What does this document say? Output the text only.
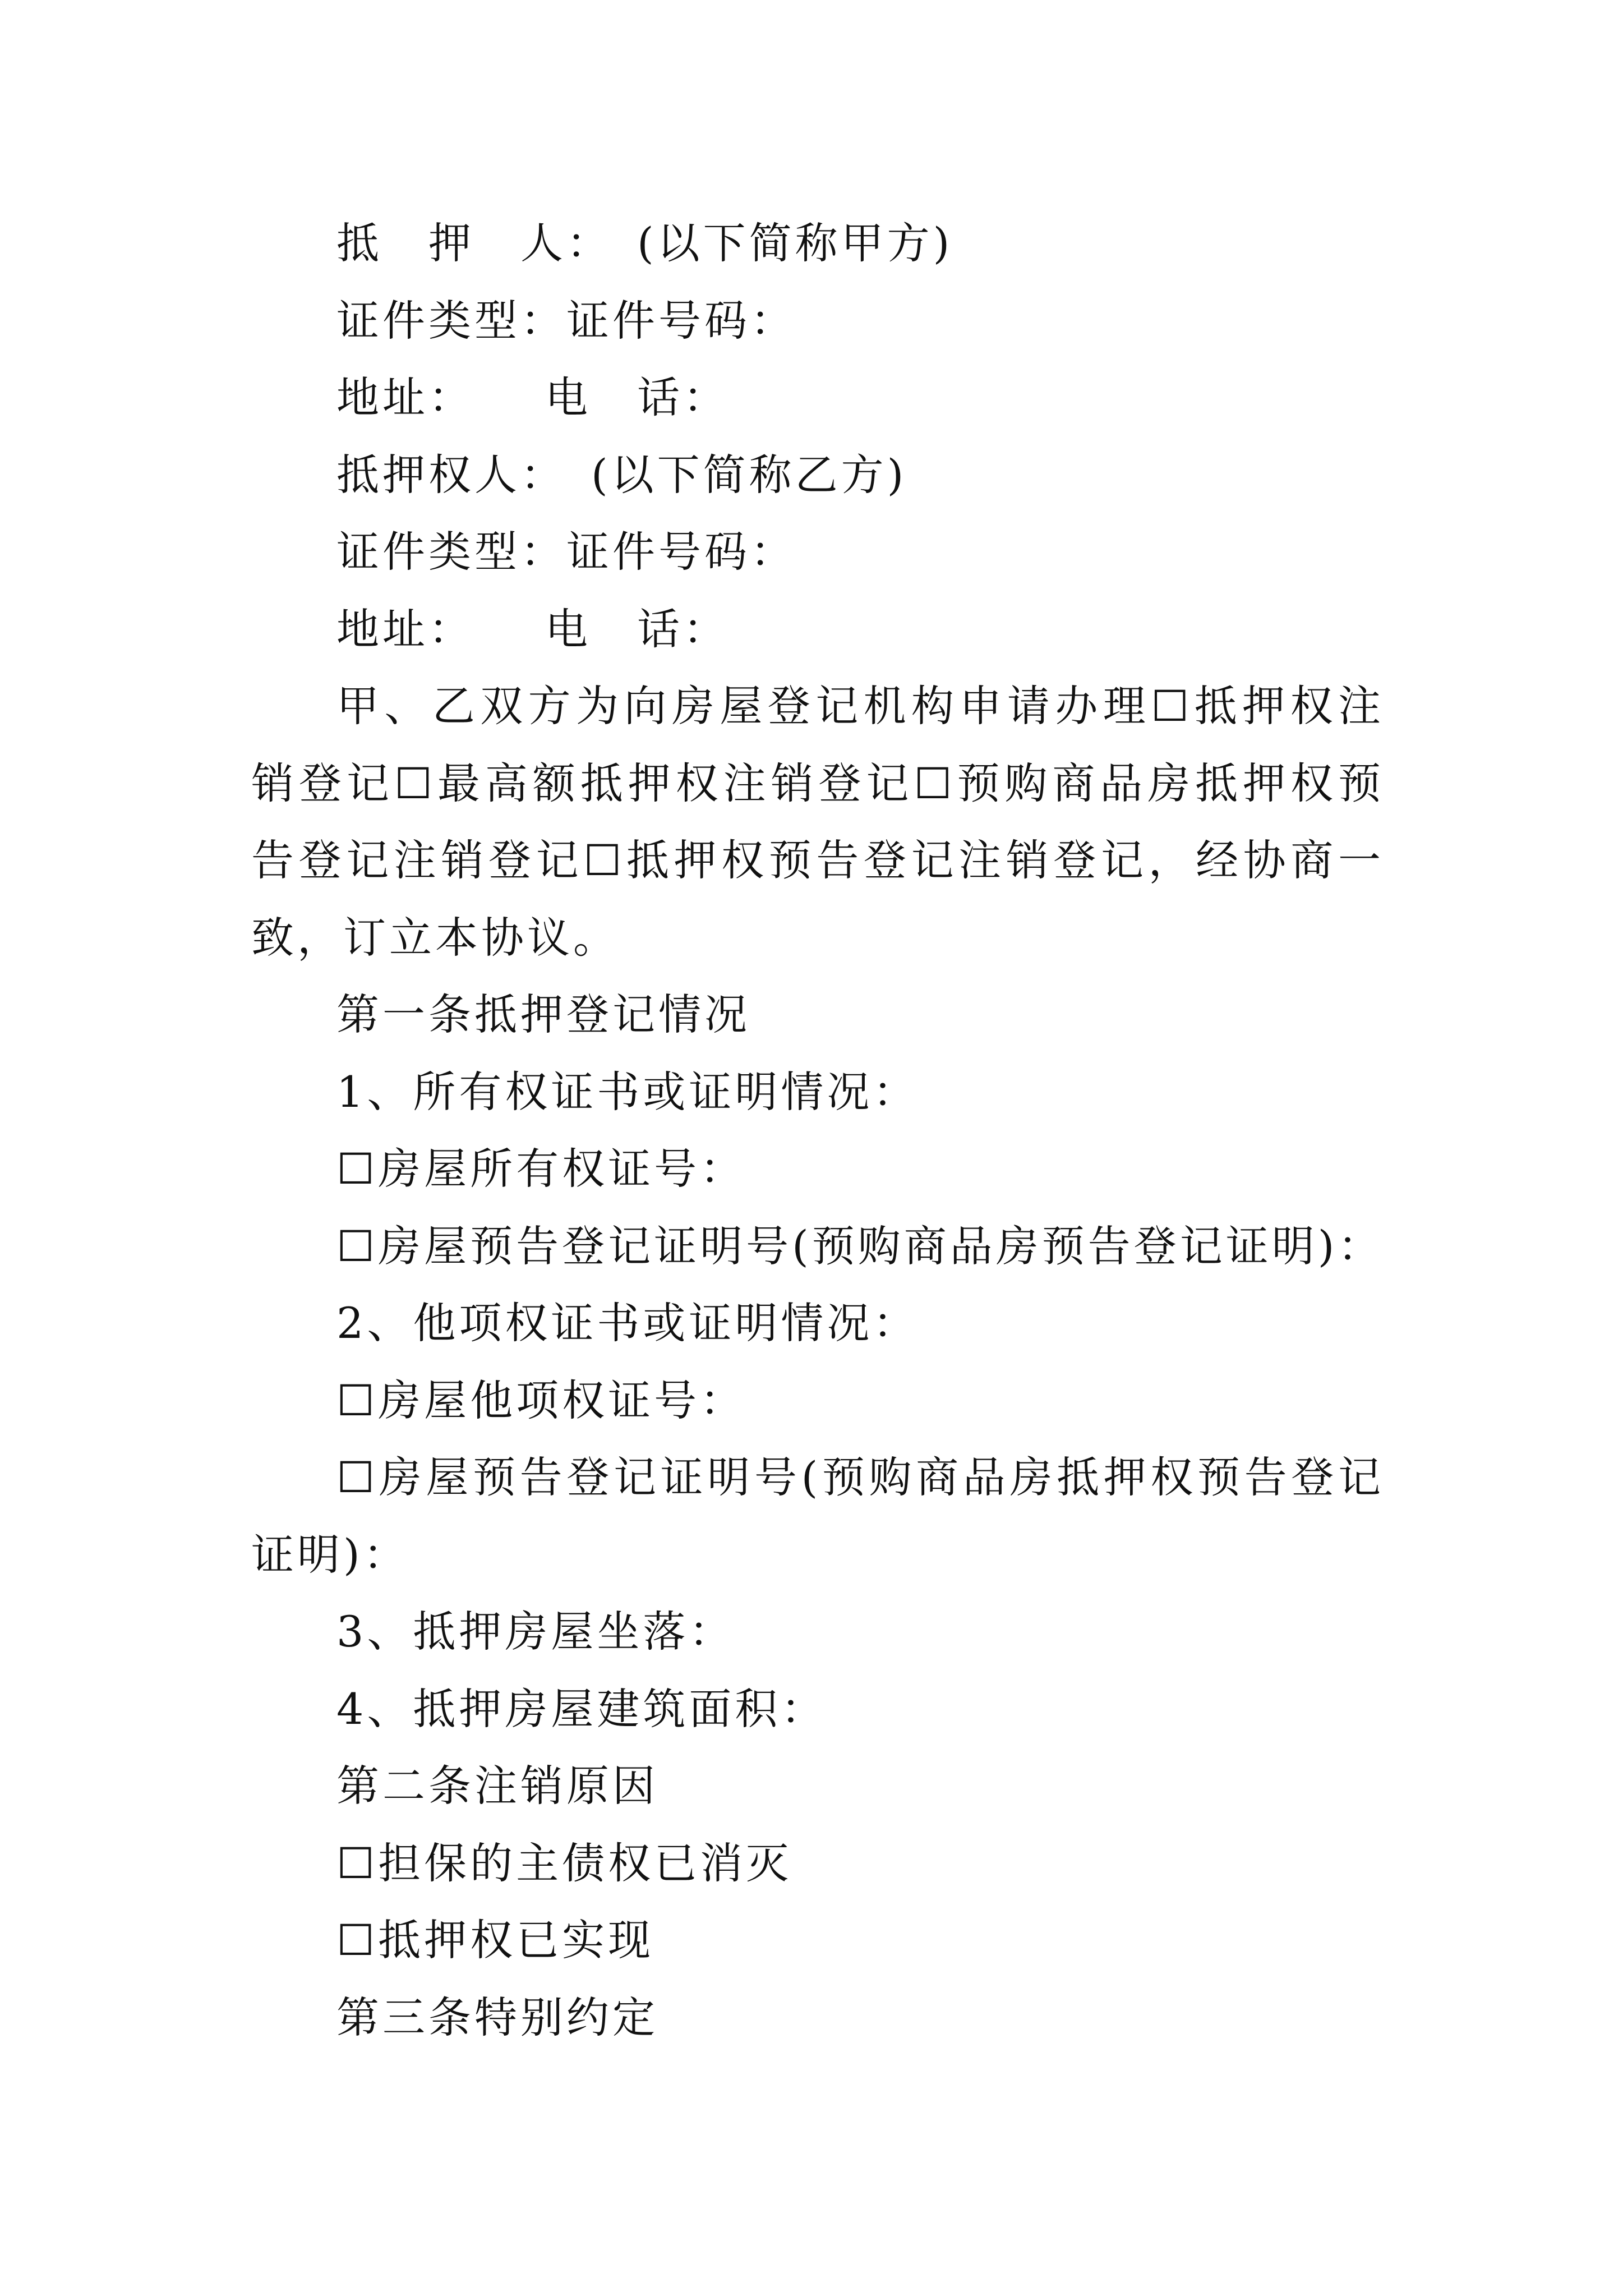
抵　押　人：　(以下简称甲方)

证件类型：证件号码：

地址：　　电　话：

抵押权人：　(以下简称乙方)

证件类型：证件号码：

地址：　　电　话：

甲、乙双方为向房屋登记机构申请办理☐抵押权注销登记☐最高额抵押权注销登记☐预购商品房抵押权预告登记注销登记☐抵押权预告登记注销登记，经协商一致，订立本协议。

第一条抵押登记情况

1、所有权证书或证明情况：

☐房屋所有权证号：

☐房屋预告登记证明号(预购商品房预告登记证明)：

2、他项权证书或证明情况：

☐房屋他项权证号：

☐房屋预告登记证明号(预购商品房抵押权预告登记证明)：

3、抵押房屋坐落：

4、抵押房屋建筑面积：

第二条注销原因

☐担保的主债权已消灭

☐抵押权已实现

第三条特别约定
